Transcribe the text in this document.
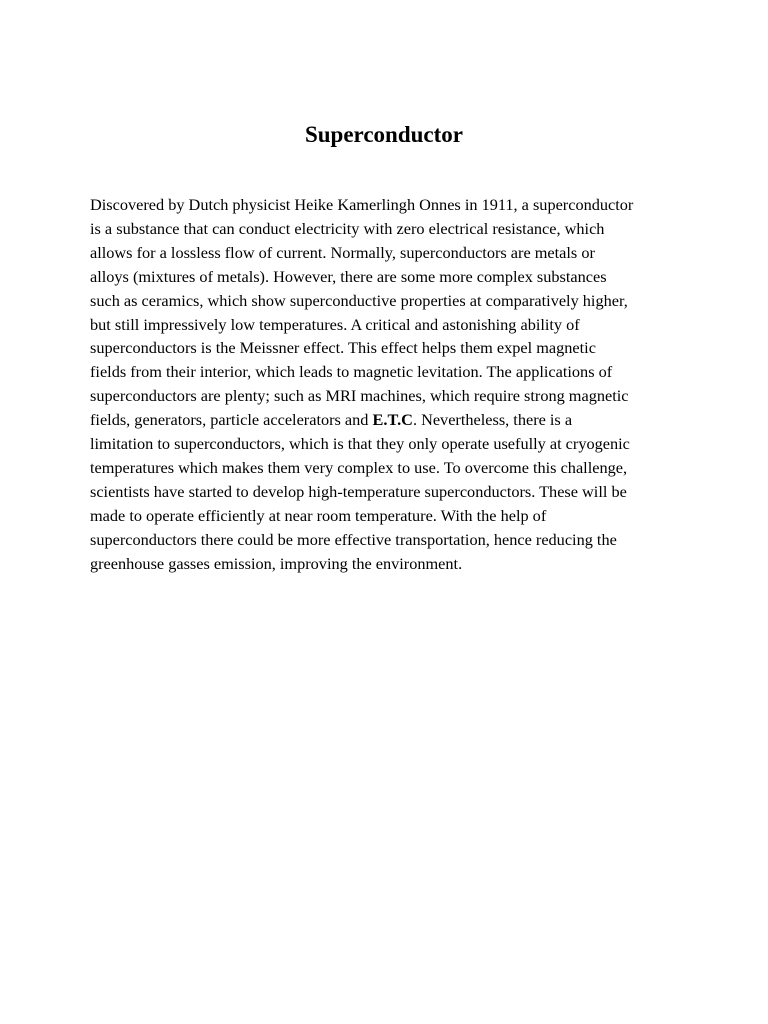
Superconductor

Discovered by Dutch physicist Heike Kamerlingh Onnes in 1911, a superconductor
is a substance that can conduct electricity with zero electrical resistance, which
allows for a lossless flow of current. Normally, superconductors are metals or
alloys (mixtures of metals). However, there are some more complex substances
such as ceramics, which show superconductive properties at comparatively higher,
but still impressively low temperatures. A critical and astonishing ability of
superconductors is the Meissner effect. This effect helps them expel magnetic
fields from their interior, which leads to magnetic levitation. The applications of
superconductors are plenty; such as MRI machines, which require strong magnetic
fields, generators, particle accelerators and E.T.C. Nevertheless, there is a
limitation to superconductors, which is that they only operate usefully at cryogenic
temperatures which makes them very complex to use. To overcome this challenge,
scientists have started to develop high-temperature superconductors. These will be
made to operate efficiently at near room temperature. With the help of
superconductors there could be more effective transportation, hence reducing the
greenhouse gasses emission, improving the environment.
